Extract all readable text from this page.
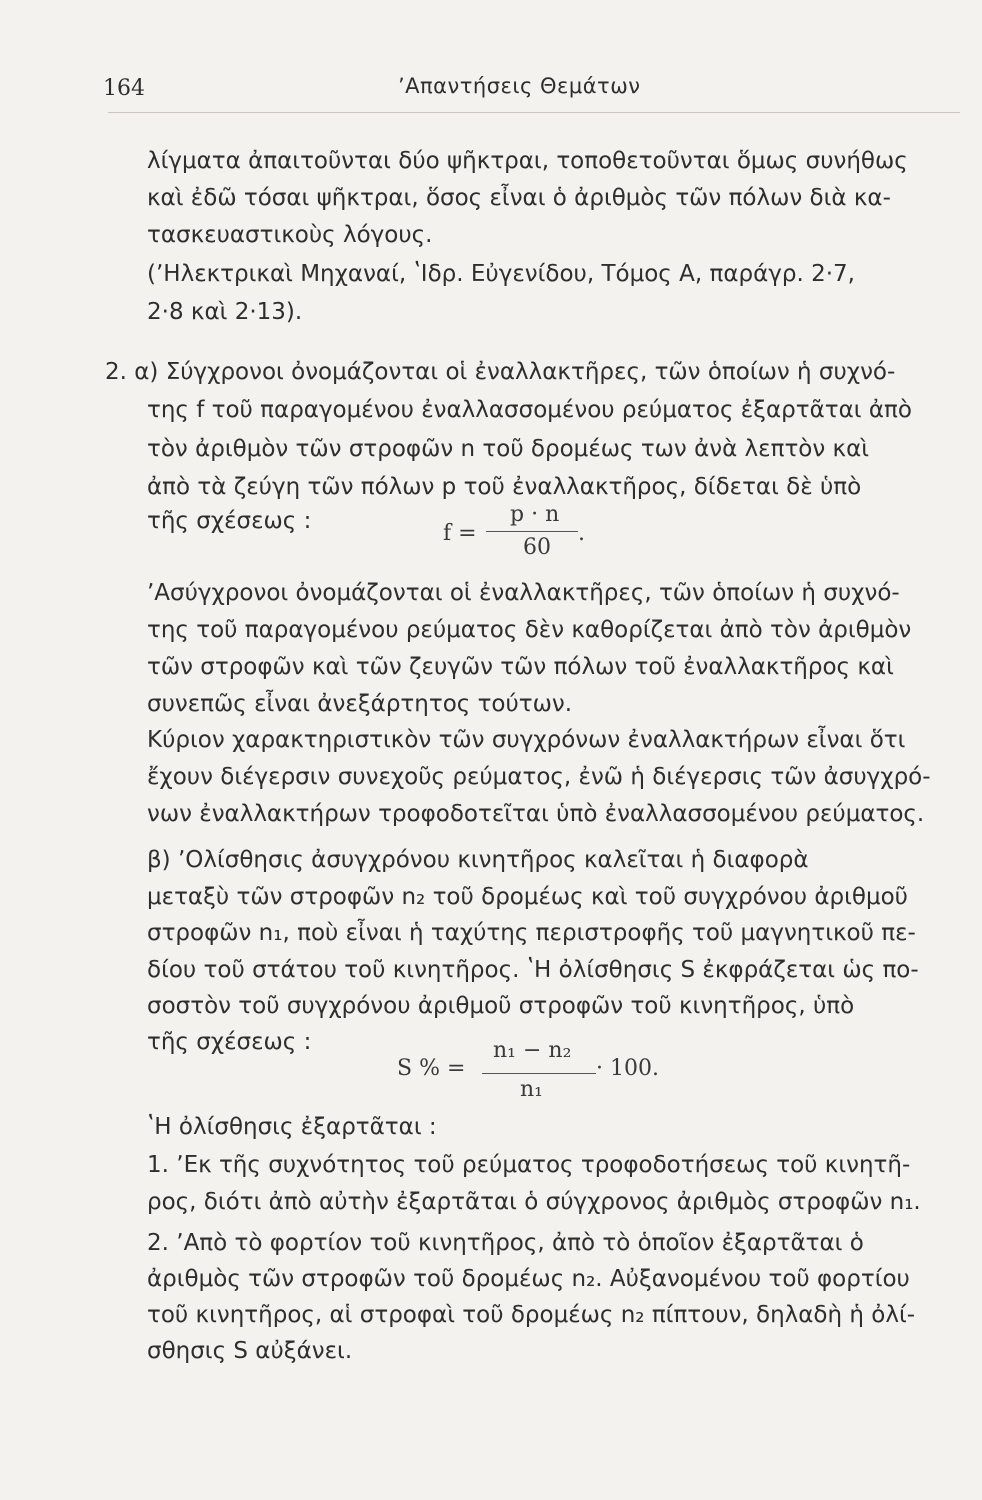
164	ʼΑπαντήσεις Θεμάτων
λίγματα ἀπαιτοῦνται δύο ψῆκτραι, τοποθετοῦνται ὅμως συνήθως
καὶ ἐδῶ τόσαι ψῆκτραι, ὅσος εἶναι ὁ ἀριθμὸς τῶν πόλων διὰ κα-
τασκευαστικοὺς λόγους.
(ʼΗλεκτρικαὶ Μηχαναί, ʽΙδρ. Εὐγενίδου, Τόμος Α, παράγρ. 2·7,
2·8 καὶ 2·13).
2. α) Σύγχρονοι ὀνομάζονται οἱ ἐναλλακτῆρες, τῶν ὁποίων ἡ συχνό-
της f τοῦ παραγομένου ἐναλλασσομένου ρεύματος ἐξαρτᾶται ἀπὸ
τὸν ἀριθμὸν τῶν στροφῶν n τοῦ δρομέως των ἀνὰ λεπτὸν καὶ
ἀπὸ τὰ ζεύγη τῶν πόλων p τοῦ ἐναλλακτῆρος, δίδεται δὲ ὑπὸ
τῆς σχέσεως :	f =
p · n
60
.
ʼΑσύγχρονοι ὀνομάζονται οἱ ἐναλλακτῆρες, τῶν ὁποίων ἡ συχνό-
της τοῦ παραγομένου ρεύματος δὲν καθορίζεται ἀπὸ τὸν ἀριθμὸν
τῶν στροφῶν καὶ τῶν ζευγῶν τῶν πόλων τοῦ ἐναλλακτῆρος καὶ
συνεπῶς εἶναι ἀνεξάρτητος τούτων.
Κύριον χαρακτηριστικὸν τῶν συγχρόνων ἐναλλακτήρων εἶναι ὅτι
ἔχουν διέγερσιν συνεχοῦς ρεύματος, ἐνῶ ἡ διέγερσις τῶν ἀσυγχρό-
νων ἐναλλακτήρων τροφοδοτεῖται ὑπὸ ἐναλλασσομένου ρεύματος.
β) ʼΟλίσθησις ἀσυγχρόνου κινητῆρος καλεῖται ἡ διαφορὰ
μεταξὺ τῶν στροφῶν n₂ τοῦ δρομέως καὶ τοῦ συγχρόνου ἀριθμοῦ
στροφῶν n₁, ποὺ εἶναι ἡ ταχύτης περιστροφῆς τοῦ μαγνητικοῦ πε-
δίου τοῦ στάτου τοῦ κινητῆρος. ʽΗ ὀλίσθησις S ἐκφράζεται ὡς πο-
σοστὸν τοῦ συγχρόνου ἀριθμοῦ στροφῶν τοῦ κινητῆρος, ὑπὸ
τῆς σχέσεως :
S % =
n₁ − n₂
n₁
· 100.
ʽΗ ὀλίσθησις ἐξαρτᾶται :
1. ʼΕκ τῆς συχνότητος τοῦ ρεύματος τροφοδοτήσεως τοῦ κινητῆ-
ρος, διότι ἀπὸ αὐτὴν ἐξαρτᾶται ὁ σύγχρονος ἀριθμὸς στροφῶν n₁.
2. ʼΑπὸ τὸ φορτίον τοῦ κινητῆρος, ἀπὸ τὸ ὁποῖον ἐξαρτᾶται ὁ
ἀριθμὸς τῶν στροφῶν τοῦ δρομέως n₂. Αὐξανομένου τοῦ φορτίου
τοῦ κινητῆρος, αἱ στροφαὶ τοῦ δρομέως n₂ πίπτουν, δηλαδὴ ἡ ὀλί-
σθησις S αὐξάνει.
